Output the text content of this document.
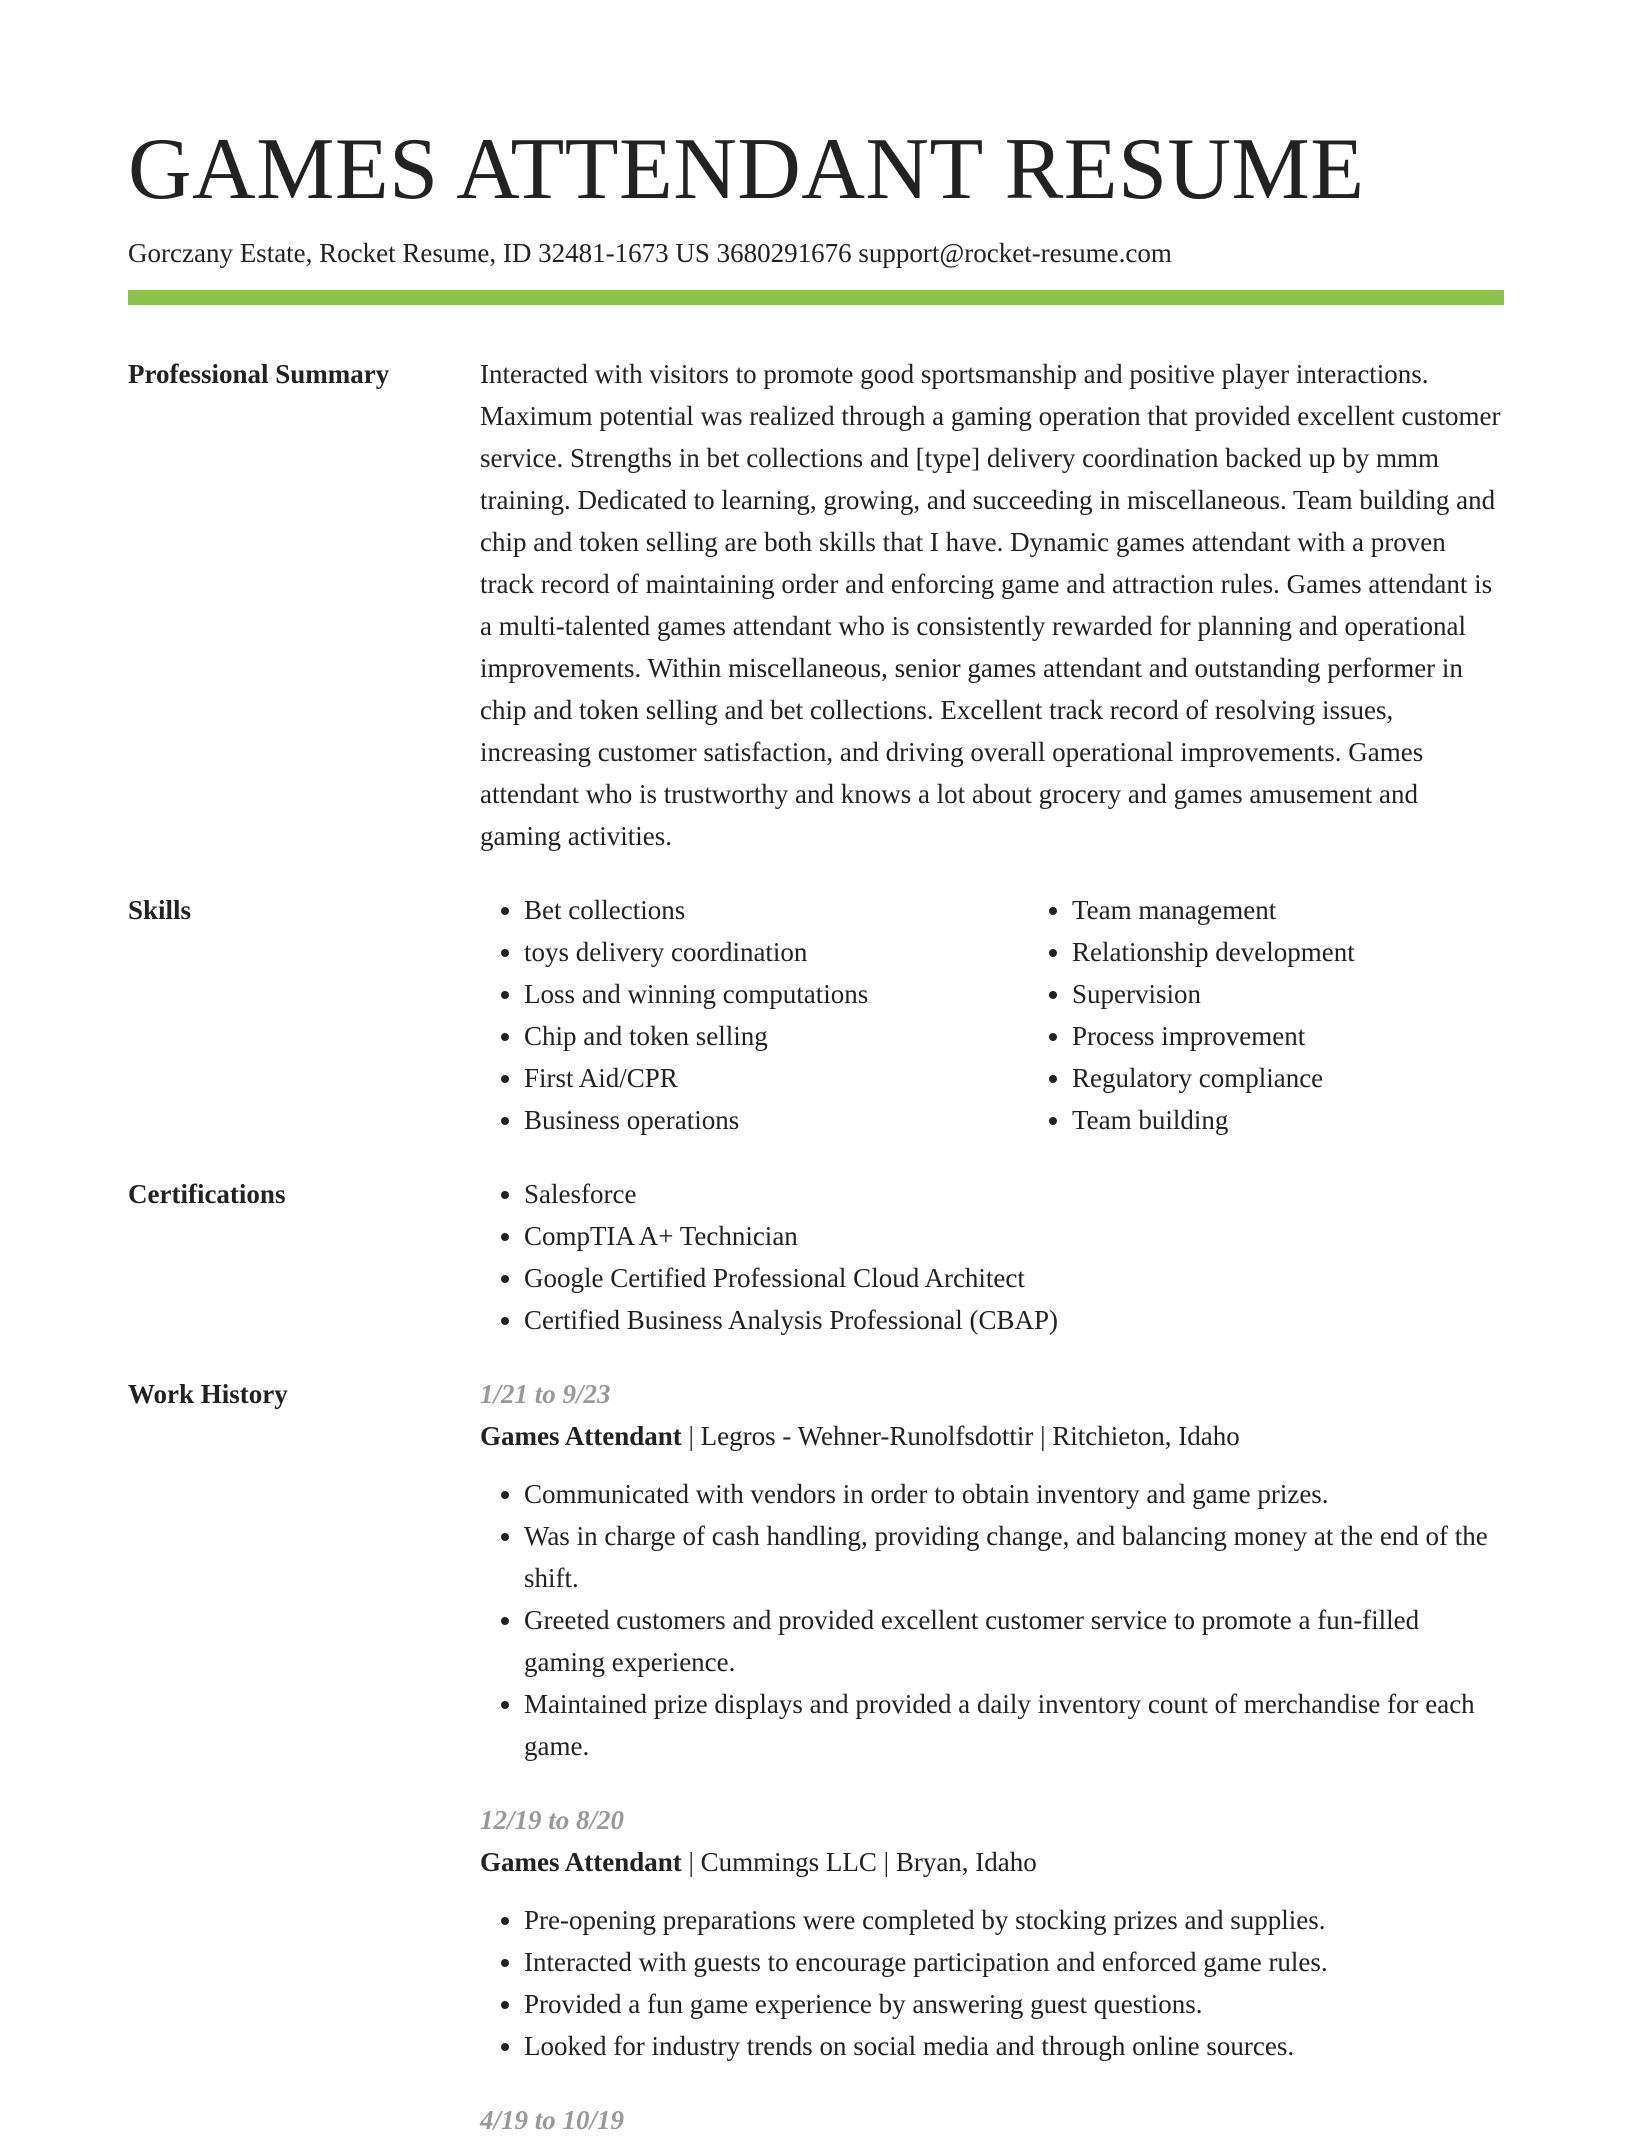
GAMES ATTENDANT RESUME
Gorczany Estate, Rocket Resume, ID 32481-1673 US 3680291676 support@rocket-resume.com
Professional Summary	Interacted with visitors to promote good sportsmanship and positive player interactions. Maximum potential was realized through a gaming operation that provided excellent customer service. Strengths in bet collections and [type] delivery coordination backed up by mmm training. Dedicated to learning, growing, and succeeding in miscellaneous. Team building and chip and token selling are both skills that I have. Dynamic games attendant with a proven track record of maintaining order and enforcing game and attraction rules. Games attendant is a multi-talented games attendant who is consistently rewarded for planning and operational improvements. Within miscellaneous, senior games attendant and outstanding performer in chip and token selling and bet collections. Excellent track record of resolving issues, increasing customer satisfaction, and driving overall operational improvements. Games attendant who is trustworthy and knows a lot about grocery and games amusement and gaming activities.

Skills	• Bet collections
• toys delivery coordination
• Loss and winning computations
• Chip and token selling
• First Aid/CPR
• Business operations
• Team management
• Relationship development
• Supervision
• Process improvement
• Regulatory compliance
• Team building
Certifications	• Salesforce
• CompTIA A+ Technician
• Google Certified Professional Cloud Architect
• Certified Business Analysis Professional (CBAP)
Work History	1/21 to 9/23
Games Attendant | Legros - Wehner-Runolfsdottir | Ritchieton, Idaho
• Communicated with vendors in order to obtain inventory and game prizes.
• Was in charge of cash handling, providing change, and balancing money at the end of the shift.
• Greeted customers and provided excellent customer service to promote a fun-filled gaming experience.
• Maintained prize displays and provided a daily inventory count of merchandise for each game.
12/19 to 8/20
Games Attendant | Cummings LLC | Bryan, Idaho
• Pre-opening preparations were completed by stocking prizes and supplies.
• Interacted with guests to encourage participation and enforced game rules.
• Provided a fun game experience by answering guest questions.
• Looked for industry trends on social media and through online sources.
4/19 to 10/19
